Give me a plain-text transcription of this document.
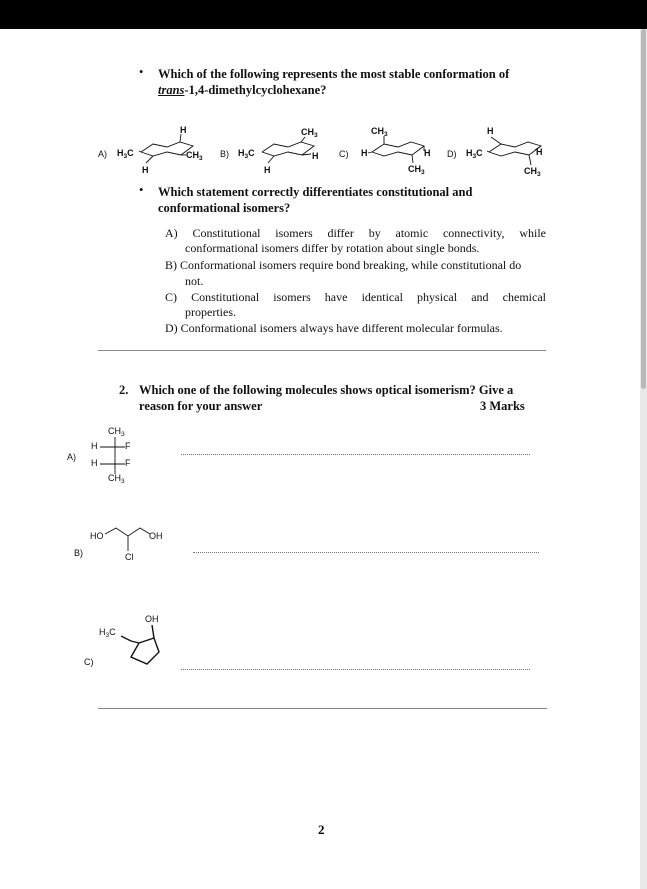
• Which of the following represents the most stable conformation of
trans-1,4-dimethylcyclohexane?
A) $H_3C$
H
$CH_3$
H
B) $H_3C$
$CH_3$
H
H
C) H
$CH_3$
H
$CH_3$
D) $H_3C$
H
H
$CH_3$
• Which statement correctly differentiates constitutional and
conformational isomers?
A) Constitutional isomers differ by atomic connectivity, while
conformational isomers differ by rotation about single bonds.
B) Conformational isomers require bond breaking, while constitutional do
not.
C) Constitutional isomers have identical physical and chemical
properties.
D) Conformational isomers always have different molecular formulas.
2. Which one of the following molecules shows optical isomerism? Give a
reason for your answer	3 Marks
A)
$CH_3$
H	F
H	F
$CH_3$
B)
HO	OH
Cl
C)
OH
$H_3C$
2
